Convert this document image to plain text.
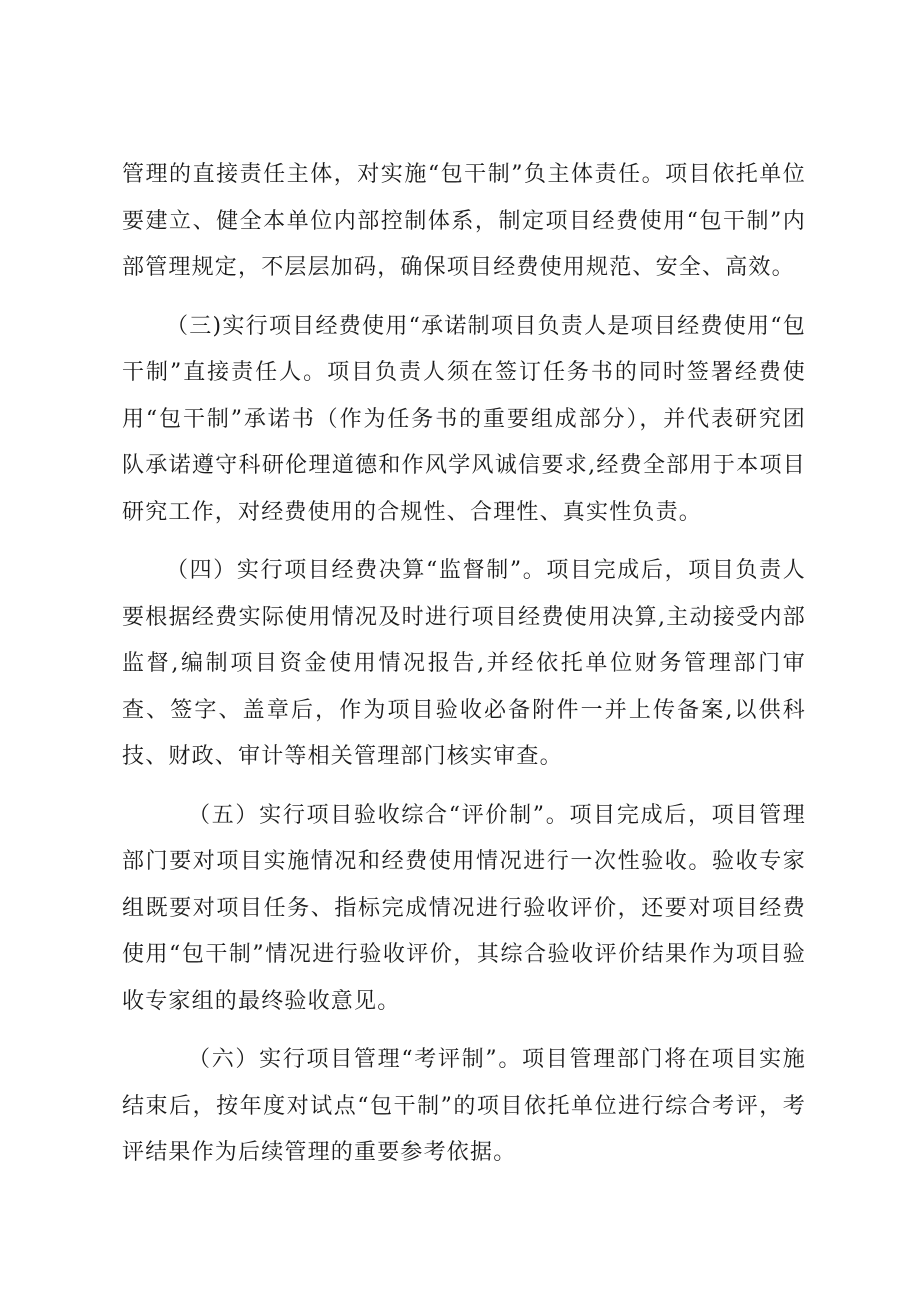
管理的直接责任主体，对实施“包干制”负主体责任。项目依托单位要建立、健全本单位内部控制体系，制定项目经费使用“包干制”内部管理规定，不层层加码，确保项目经费使用规范、安全、高效。

（三)实行项目经费使用“承诺制项目负责人是项目经费使用“包干制”直接责任人。项目负责人须在签订任务书的同时签署经费使用“包干制”承诺书（作为任务书的重要组成部分），并代表研究团队承诺遵守科研伦理道德和作风学风诚信要求,经费全部用于本项目研究工作，对经费使用的合规性、合理性、真实性负责。

（四）实行项目经费决算“监督制”。项目完成后，项目负责人要根据经费实际使用情况及时进行项目经费使用决算,主动接受内部监督,编制项目资金使用情况报告,并经依托单位财务管理部门审查、签字、盖章后，作为项目验收必备附件一并上传备案,以供科技、财政、审计等相关管理部门核实审查。

（五）实行项目验收综合“评价制”。项目完成后，项目管理部门要对项目实施情况和经费使用情况进行一次性验收。验收专家组既要对项目任务、指标完成情况进行验收评价，还要对项目经费使用“包干制”情况进行验收评价，其综合验收评价结果作为项目验收专家组的最终验收意见。

（六）实行项目管理“考评制”。项目管理部门将在项目实施结束后，按年度对试点“包干制”的项目依托单位进行综合考评，考评结果作为后续管理的重要参考依据。
